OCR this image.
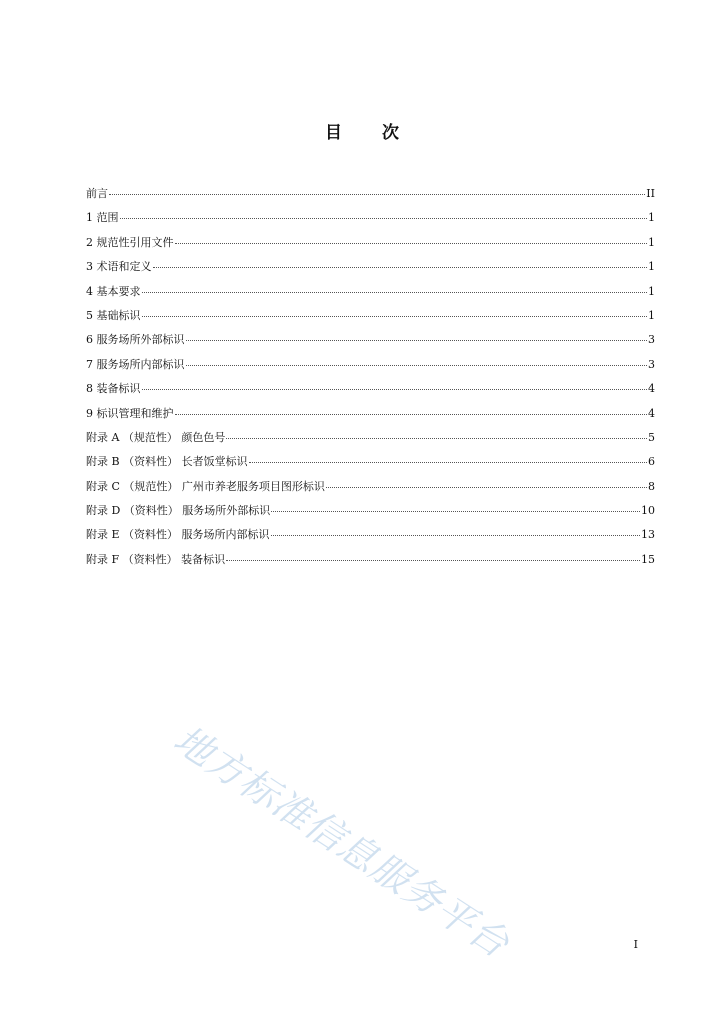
目 次
前言	II
1 范围	1
2 规范性引用文件	1
3 术语和定义	1
4 基本要求	1
5 基础标识	1
6 服务场所外部标识	3
7 服务场所内部标识	3
8 装备标识	4
9 标识管理和维护	4
附录 A （规范性） 颜色色号	5
附录 B （资料性） 长者饭堂标识	6
附录 C （规范性） 广州市养老服务项目图形标识	8
附录 D （资料性） 服务场所外部标识	10
附录 E （资料性） 服务场所内部标识	13
附录 F （资料性） 装备标识	15
地方标准信息服务平台	I
